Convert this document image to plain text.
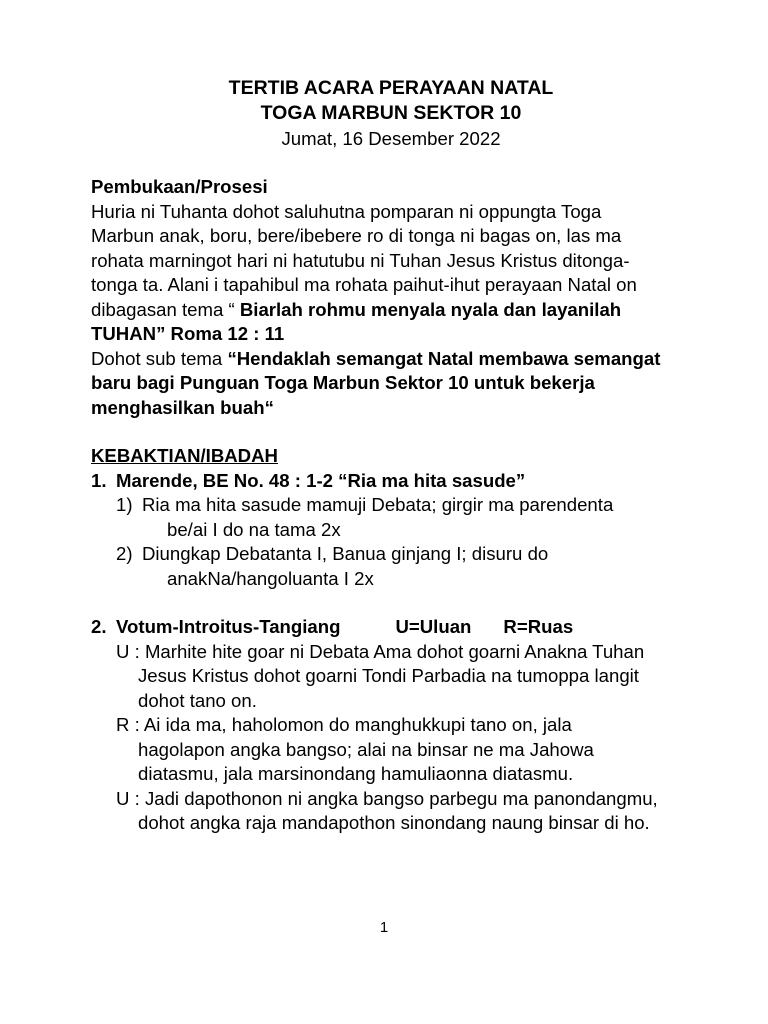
TERTIB ACARA PERAYAAN NATAL
TOGA MARBUN SEKTOR 10
Jumat, 16 Desember 2022
Pembukaan/Prosesi
Huria ni Tuhanta dohot saluhutna pomparan ni oppungta Toga
Marbun anak, boru, bere/ibebere ro di tonga ni bagas on, las ma
rohata marningot hari ni hatutubu ni Tuhan Jesus Kristus ditonga-
tonga ta. Alani i tapahibul ma rohata paihut-ihut perayaan Natal on
dibagasan tema “ Biarlah rohmu menyala nyala dan layanilah
TUHAN” Roma 12 : 11
Dohot sub tema “Hendaklah semangat Natal membawa semangat
baru bagi Punguan Toga Marbun Sektor 10 untuk bekerja
menghasilkan buah“
KEBAKTIAN/IBADAH
1. Marende, BE No. 48 : 1-2 “Ria ma hita sasude”
1) Ria ma hita sasude mamuji Debata; girgir ma parendenta
be/ai I do na tama 2x
2) Diungkap Debatanta I, Banua ginjang I; disuru do
anakNa/hangoluanta I 2x
2. Votum-Introitus-Tangiang	U=Uluan R=Ruas
U : Marhite hite goar ni Debata Ama dohot goarni Anakna Tuhan
Jesus Kristus dohot goarni Tondi Parbadia na tumoppa langit
dohot tano on.
R : Ai ida ma, haholomon do manghukkupi tano on, jala
hagolapon angka bangso; alai na binsar ne ma Jahowa
diatasmu, jala marsinondang hamuliaonna diatasmu.
U : Jadi dapothonon ni angka bangso parbegu ma panondangmu,
dohot angka raja mandapothon sinondang naung binsar di ho.
1
